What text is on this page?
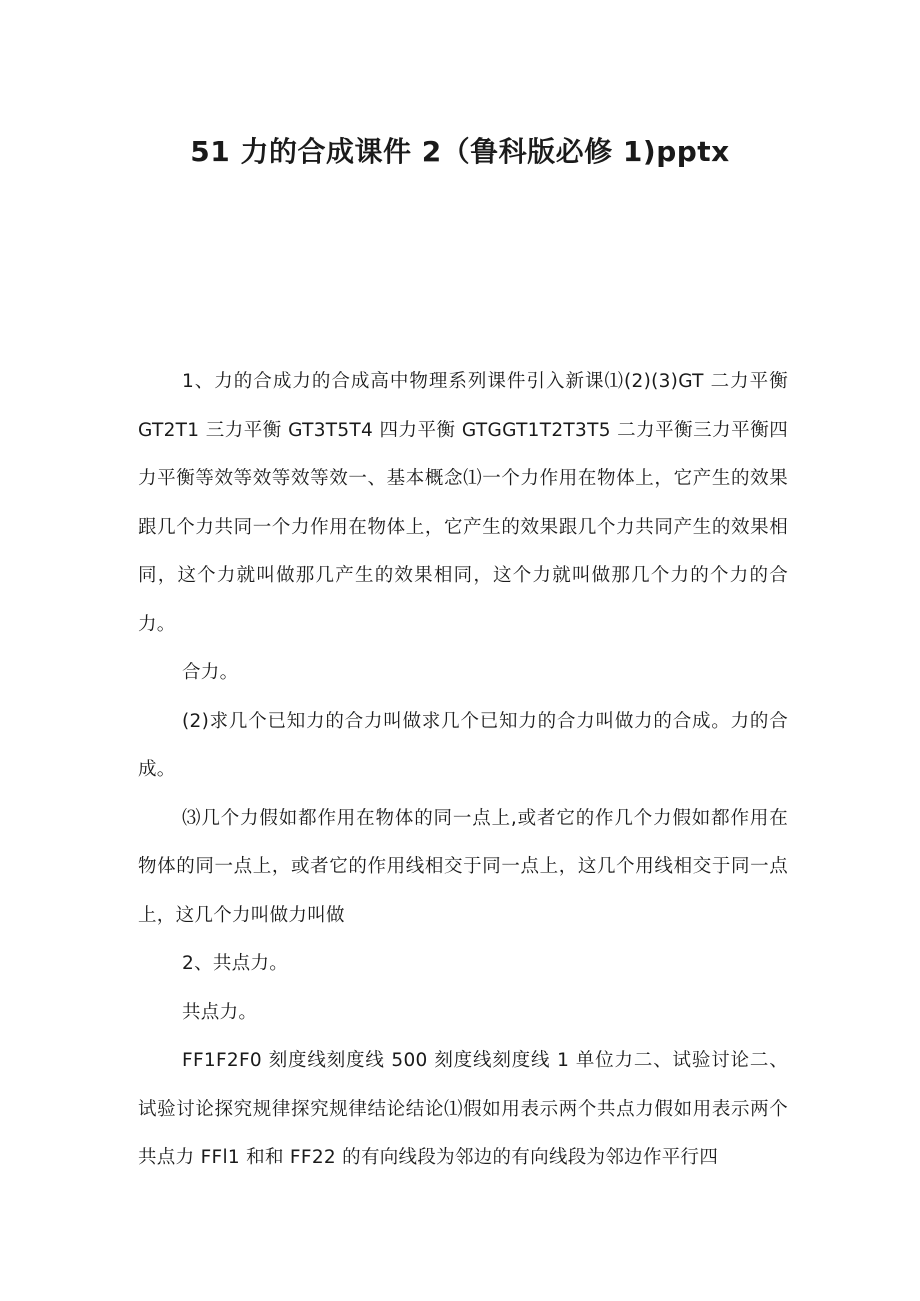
51 力的合成课件 2（鲁科版必修 1)pptx

1、力的合成力的合成高中物理系列课件引入新课⑴(2)(3)GT 二力平衡 GT2T1 三力平衡 GT3T5T4 四力平衡 GTGGT1T2T3T5 二力平衡三力平衡四力平衡等效等效等效等效一、基本概念⑴一个力作用在物体上，它产生的效果跟几个力共同一个力作用在物体上，它产生的效果跟几个力共同产生的效果相同，这个力就叫做那几产生的效果相同，这个力就叫做那几个力的个力的合力。

合力。

(2)求几个已知力的合力叫做求几个已知力的合力叫做力的合成。力的合成。

⑶几个力假如都作用在物体的同一点上,或者它的作几个力假如都作用在物体的同一点上，或者它的作用线相交于同一点上，这几个用线相交于同一点上，这几个力叫做力叫做

2、共点力。

共点力。

FF1F2F0 刻度线刻度线 500 刻度线刻度线 1 单位力二、试验讨论二、试验讨论探究规律探究规律结论结论⑴假如用表示两个共点力假如用表示两个共点力 FFl1 和和 FF22 的有向线段为邻边的有向线段为邻边作平行四
